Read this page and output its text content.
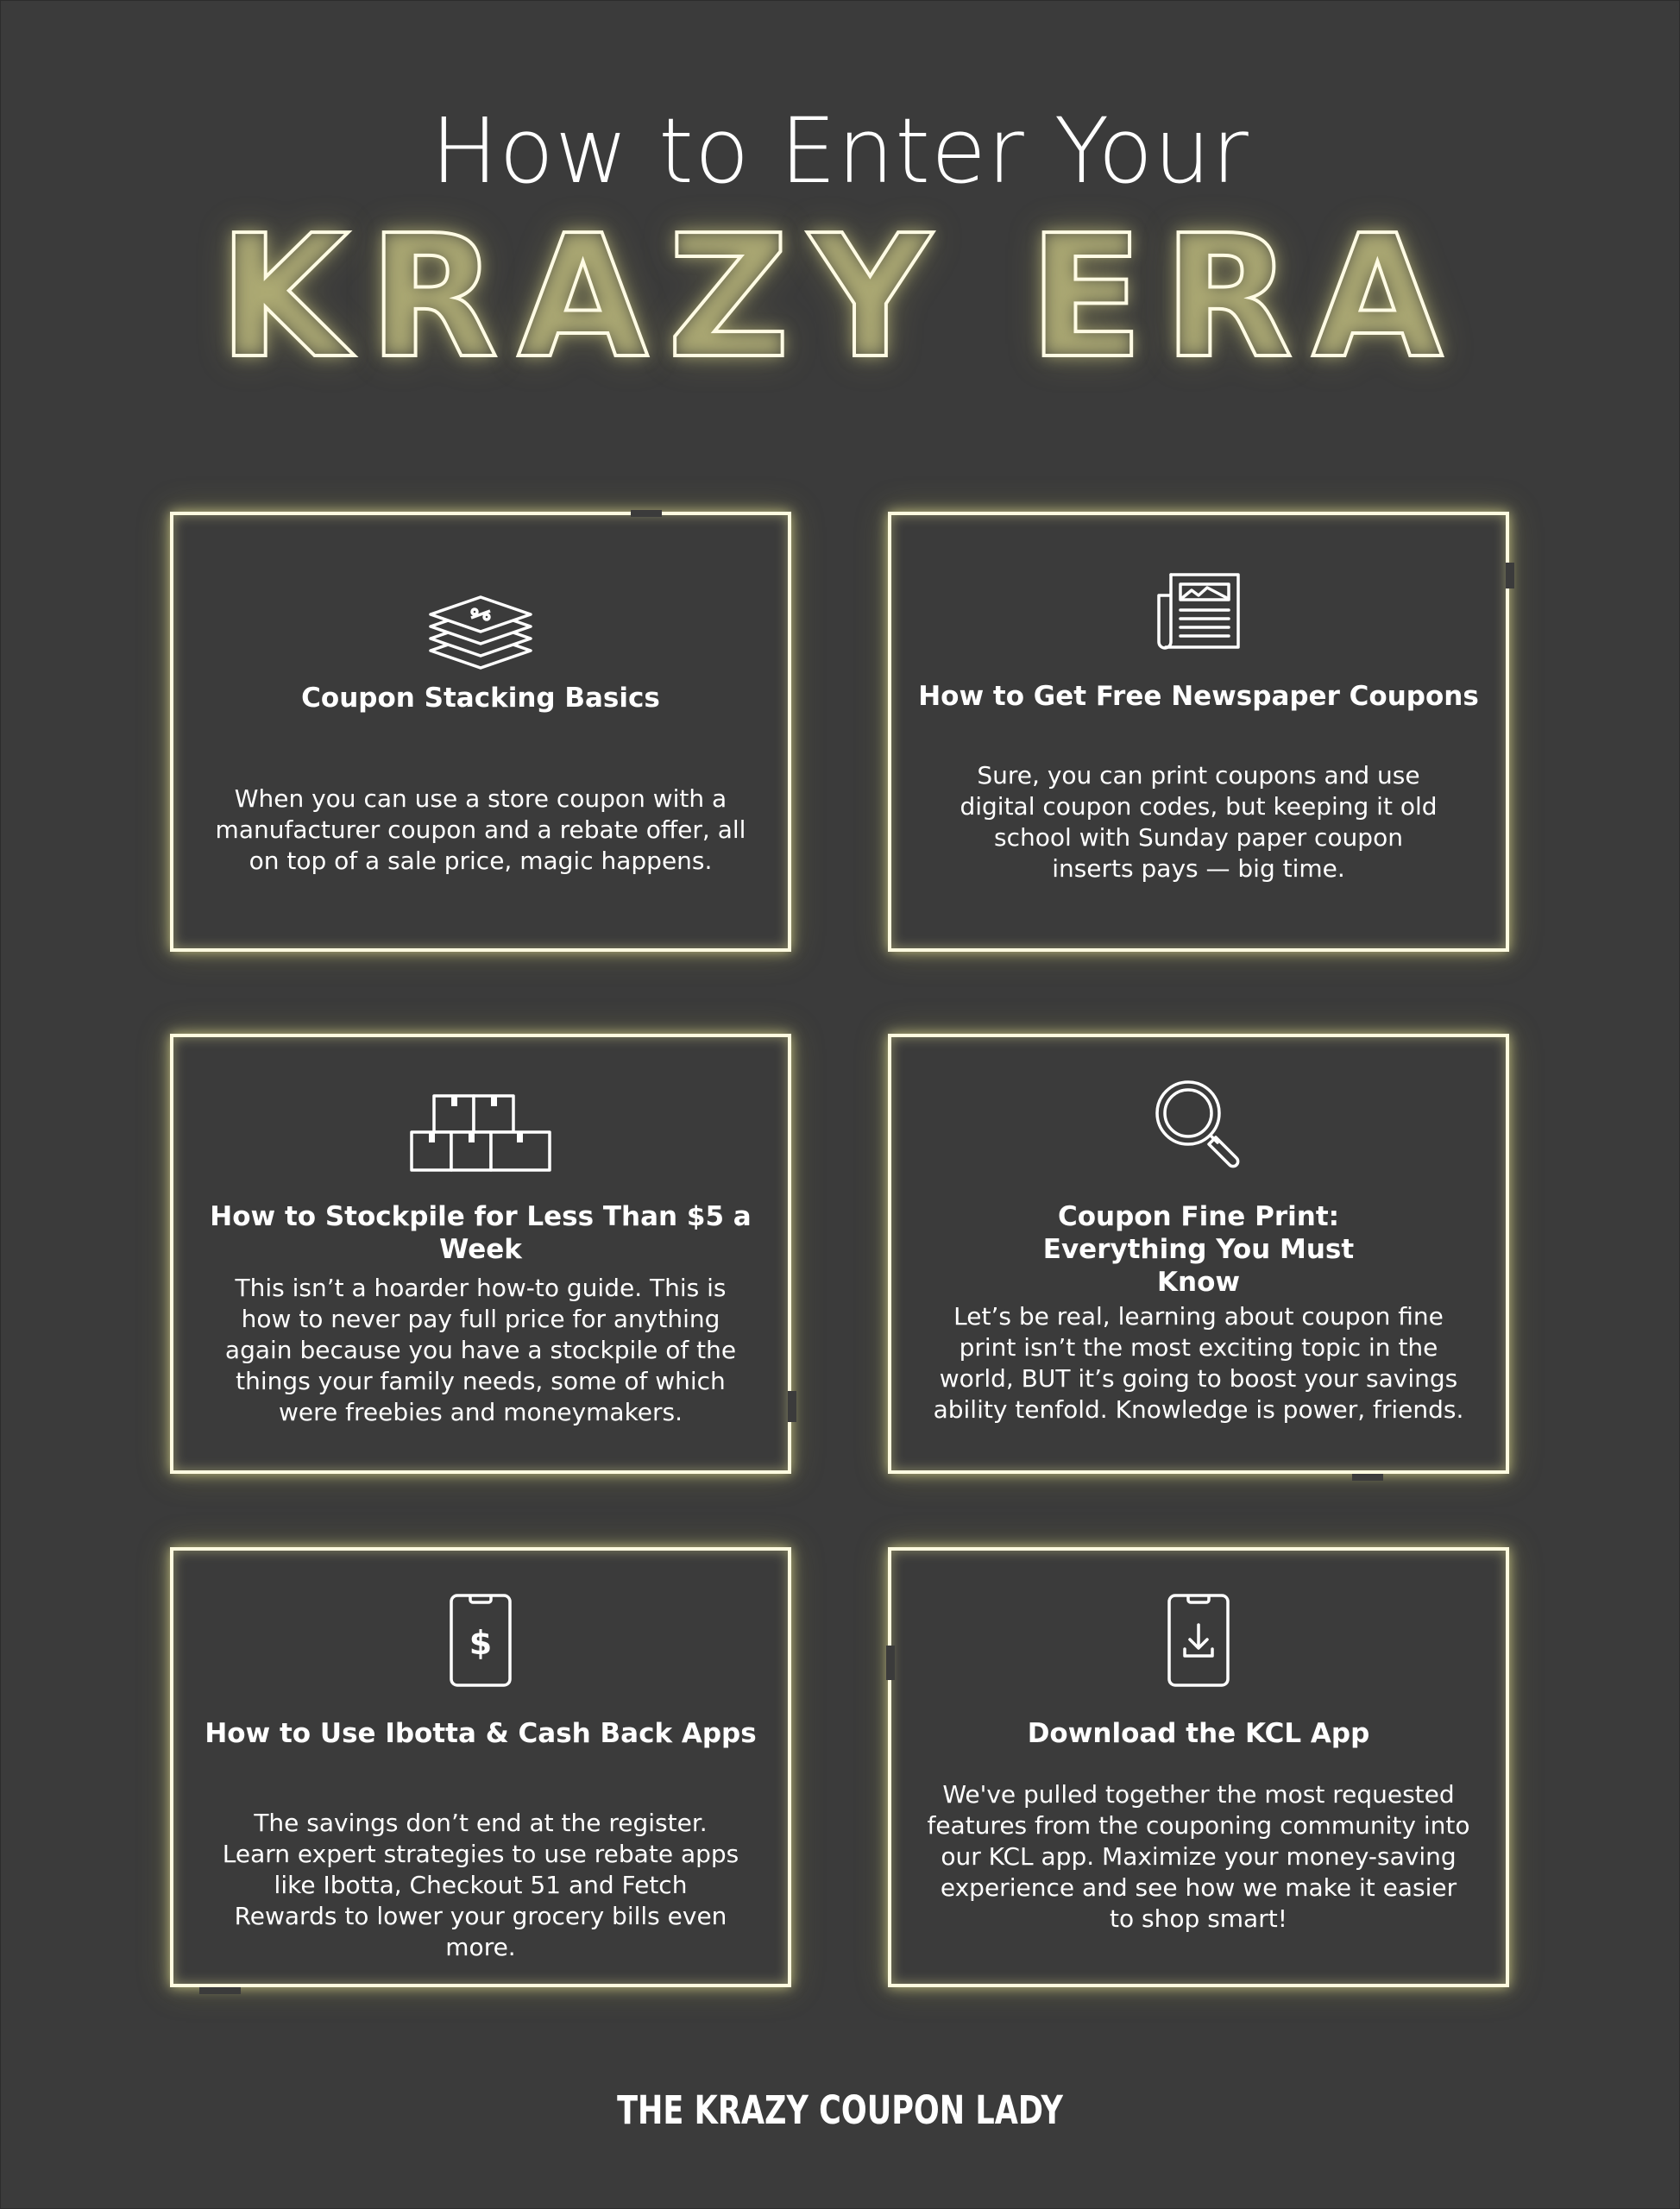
How to Enter Your
KRAZY ERA
Coupon Stacking Basics
When you can use a store coupon with a manufacturer coupon and a rebate offer, all on top of a sale price, magic happens.
How to Get Free Newspaper Coupons
Sure, you can print coupons and use digital coupon codes, but keeping it old school with Sunday paper coupon inserts pays — big time.
How to Stockpile for Less Than $5 a Week
This isn’t a hoarder how-to guide. This is how to never pay full price for anything again because you have a stockpile of the things your family needs, some of which were freebies and moneymakers.
Coupon Fine Print: Everything You Must Know
Let’s be real, learning about coupon fine print isn’t the most exciting topic in the world, BUT it’s going to boost your savings ability tenfold. Knowledge is power, friends.
$
How to Use Ibotta & Cash Back Apps
The savings don’t end at the register. Learn expert strategies to use rebate apps like Ibotta, Checkout 51 and Fetch Rewards to lower your grocery bills even more.
Download the KCL App
We've pulled together the most requested features from the couponing community into our KCL app. Maximize your money-saving experience and see how we make it easier to shop smart!
THE KRAZY COUPON LADY
